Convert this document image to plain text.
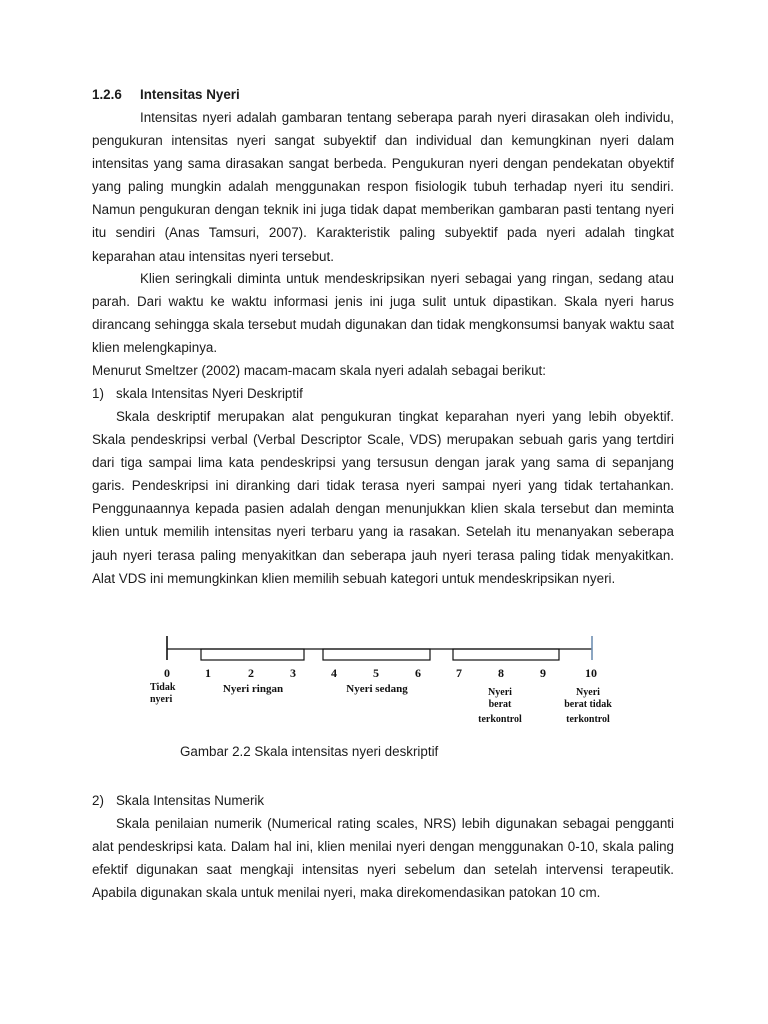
1.2.6 Intensitas Nyeri

Intensitas nyeri adalah gambaran tentang seberapa parah nyeri dirasakan oleh individu, pengukuran intensitas nyeri sangat subyektif dan individual dan kemungkinan nyeri dalam intensitas yang sama dirasakan sangat berbeda. Pengukuran nyeri dengan pendekatan obyektif yang paling mungkin adalah menggunakan respon fisiologik tubuh terhadap nyeri itu sendiri. Namun pengukuran dengan teknik ini juga tidak dapat memberikan gambaran pasti tentang nyeri itu sendiri (Anas Tamsuri, 2007). Karakteristik paling subyektif pada nyeri adalah tingkat keparahan atau intensitas nyeri tersebut.

Klien seringkali diminta untuk mendeskripsikan nyeri sebagai yang ringan, sedang atau parah. Dari waktu ke waktu informasi jenis ini juga sulit untuk dipastikan. Skala nyeri harus dirancang sehingga skala tersebut mudah digunakan dan tidak mengkonsumsi banyak waktu saat klien melengkapinya.

Menurut Smeltzer (2002) macam-macam skala nyeri adalah sebagai berikut:

1) skala Intensitas Nyeri Deskriptif

Skala deskriptif merupakan alat pengukuran tingkat keparahan nyeri yang lebih obyektif. Skala pendeskripsi verbal (Verbal Descriptor Scale, VDS) merupakan sebuah garis yang tertdiri dari tiga sampai lima kata pendeskripsi yang tersusun dengan jarak yang sama di sepanjang garis. Pendeskripsi ini diranking dari tidak terasa nyeri sampai nyeri yang tidak tertahankan. Penggunaannya kepada pasien adalah dengan menunjukkan klien skala tersebut dan meminta klien untuk memilih intensitas nyeri terbaru yang ia rasakan. Setelah itu menanyakan seberapa jauh nyeri terasa paling menyakitkan dan seberapa jauh nyeri terasa paling tidak menyakitkan. Alat VDS ini memungkinkan klien memilih sebuah kategori untuk mendeskripsikan nyeri.

2) Skala Intensitas Numerik

Skala penilaian numerik (Numerical rating scales, NRS) lebih digunakan sebagai pengganti alat pendeskripsi kata. Dalam hal ini, klien menilai nyeri dengan menggunakan 0-10, skala paling efektif digunakan saat mengkaji intensitas nyeri sebelum dan setelah intervensi terapeutik. Apabila digunakan skala untuk menilai nyeri, maka direkomendasikan patokan 10 cm.

Gambar 2.2 Skala intensitas nyeri deskriptif
0	1	2	3	4	5	6	7	8	9	10
Tidak
nyeri
Nyeri ringan	Nyeri sedang	Nyeri
berat
terkontrol
Nyeri
berat tidak
terkontrol
